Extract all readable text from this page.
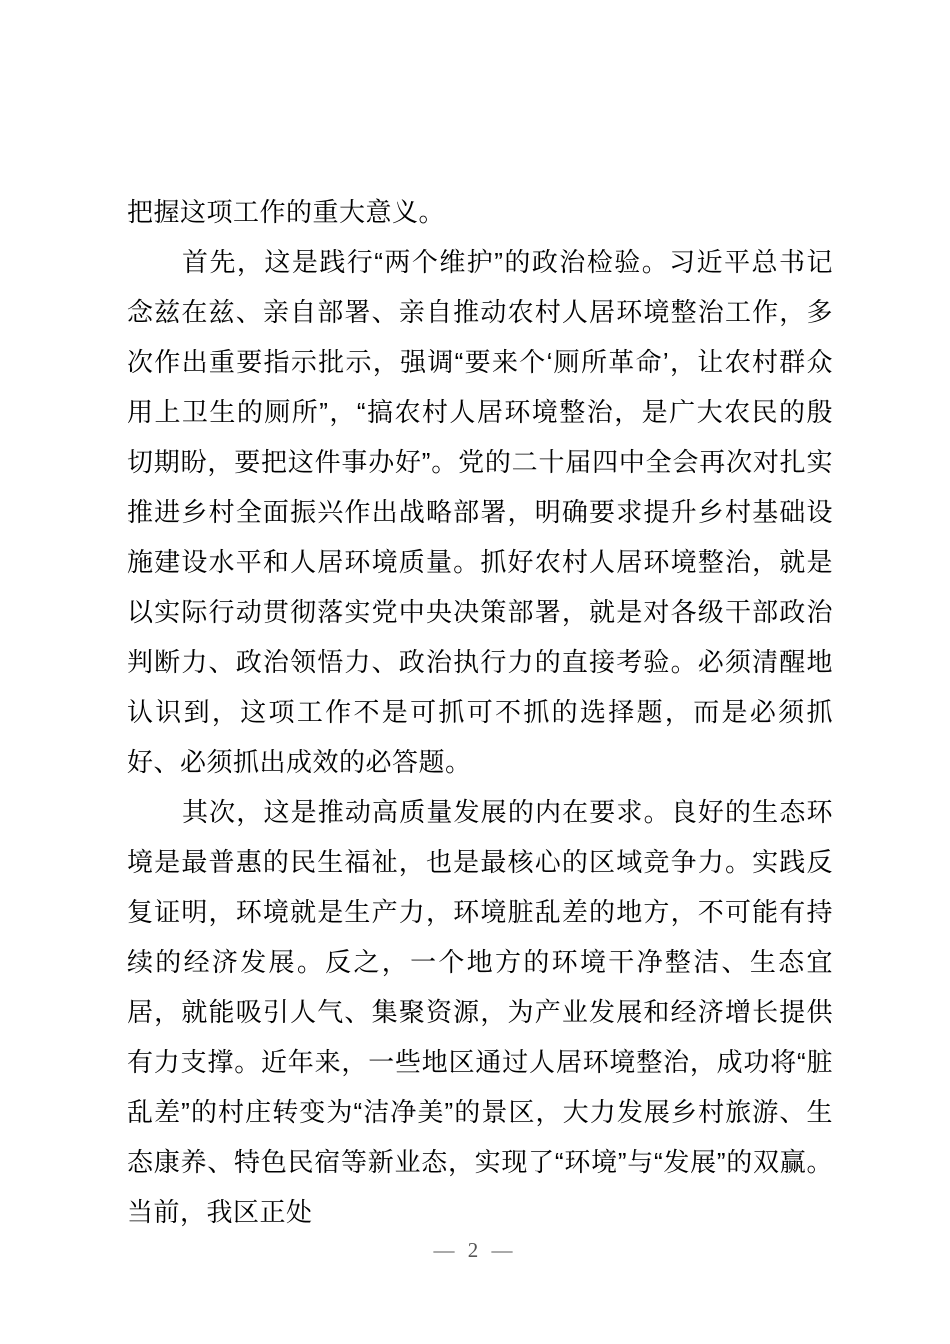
把握这项工作的重大意义。

首先，这是践行“两个维护”的政治检验。习近平总书记念兹在兹、亲自部署、亲自推动农村人居环境整治工作，多次作出重要指示批示，强调“要来个‘厕所革命’，让农村群众用上卫生的厕所”，“搞农村人居环境整治，是广大农民的殷切期盼，要把这件事办好”。党的二十届四中全会再次对扎实推进乡村全面振兴作出战略部署，明确要求提升乡村基础设施建设水平和人居环境质量。抓好农村人居环境整治，就是以实际行动贯彻落实党中央决策部署，就是对各级干部政治判断力、政治领悟力、政治执行力的直接考验。必须清醒地认识到，这项工作不是可抓可不抓的选择题，而是必须抓好、必须抓出成效的必答题。

其次，这是推动高质量发展的内在要求。良好的生态环境是最普惠的民生福祉，也是最核心的区域竞争力。实践反复证明，环境就是生产力，环境脏乱差的地方，不可能有持续的经济发展。反之，一个地方的环境干净整洁、生态宜居，就能吸引人气、集聚资源，为产业发展和经济增长提供有力支撑。近年来，一些地区通过人居环境整治，成功将“脏乱差”的村庄转变为“洁净美”的景区，大力发展乡村旅游、生态康养、特色民宿等新业态，实现了“环境”与“发展”的双赢。当前，我区正处

— 2 —
